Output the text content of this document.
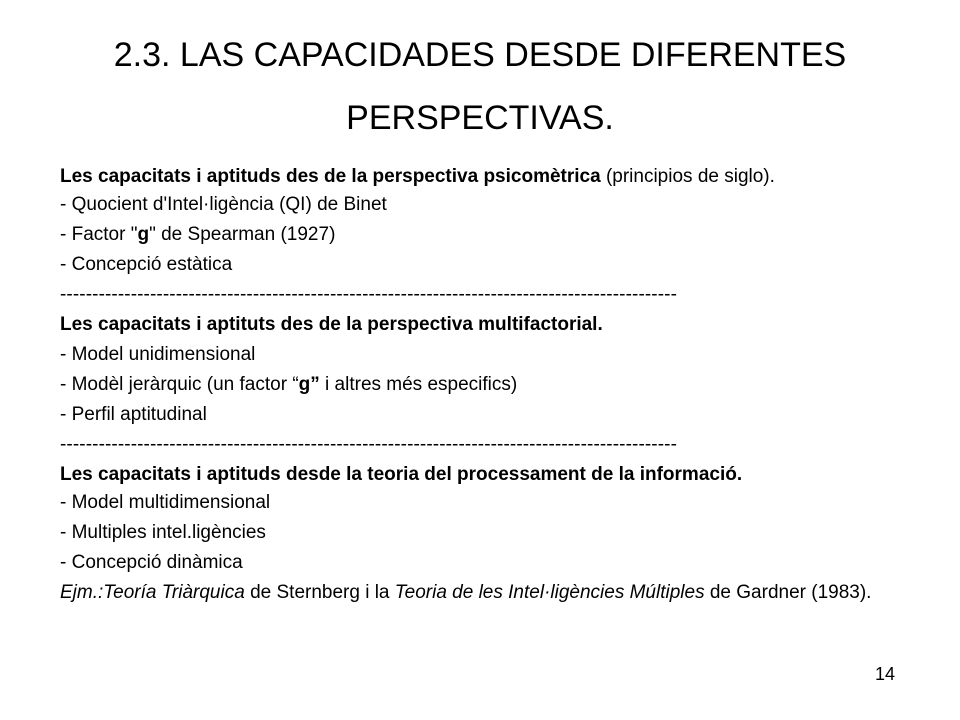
2.3. LAS CAPACIDADES DESDE DIFERENTES
PERSPECTIVAS.
Les capacitats i aptituds des de la perspectiva psicomètrica (principios de siglo).
- Quocient d'Intel·ligència (QI) de Binet
- Factor "g" de Spearman (1927)
- Concepció estàtica
------------------------------------------------------------------------------------------------
Les capacitats i aptituts des de la perspectiva multifactorial.
- Model unidimensional
- Modèl jeràrquic (un factor “g” i altres més especifics)
- Perfil aptitudinal
------------------------------------------------------------------------------------------------
Les capacitats i aptituds desde la teoria del processament de la informació.
- Model multidimensional
- Multiples intel.ligències
- Concepció dinàmica
Ejm.:Teoría Triàrquica de Sternberg i la Teoria de les Intel·ligències Múltiples de Gardner (1983).
14
